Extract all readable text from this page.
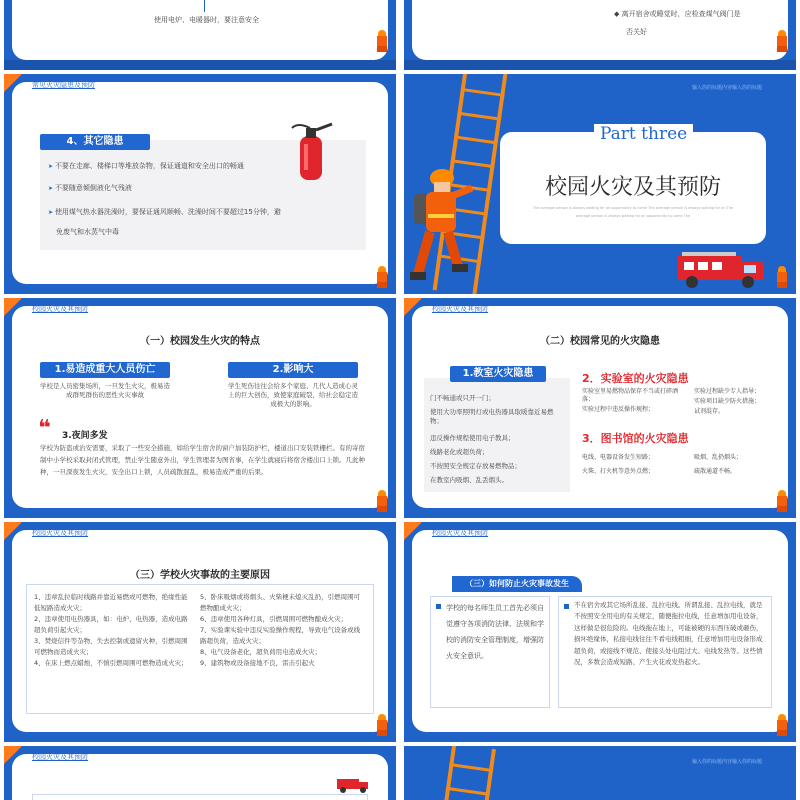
使用电炉、电暖器时，要注意安全
◆ 离开宿舍或睡觉时，应检查煤气阀门是
否关好
常见火灾隐患及预防
4、其它隐患
➤ 不要在走廊、楼梯口等堆放杂物，保证通道和安全出口的畅通
➤ 不要随意倾倒液化气残液
➤ 使用煤气热水器洗澡时，要保证通风顺畅、洗澡时间不要超过15分钟，避
免废气和水蒸气中毒
输入你的标题内容输入你的标题
Part three
校园火灾及其预防
The average person is always waiting for an opportunity to come The average person is always waiting for an The
average person is always waiting for an opportunity to come The
校园火灾及其预防
（一）校园发生火灾的特点
1.易造成重大人员伤亡
学校是人员密集场所，一旦发生火灾，极易造成群死群伤的恶性火灾事故
2.影响大
学生死伤往往会给多个家庭、几代人造成心灵上的巨大创伤，致使家庭破裂，给社会稳定造成极大的影响。
❝ 3.夜间多发
学校为防盗或治安需要，采取了一些安全措施，如给学生宿舍的窗户加装防护栏，楼道出口安装铁栅栏。有的寄宿制中小学校采取封闭式管理，禁止学生随意外出，学生管理者为图省事，在学生就寝后将宿舍楼出口上锁。几此种种，一旦深夜发生火灾，安全出口上锁，人员疏散混乱，极易造成严重的后果。
校园火灾及其预防
（二）校园常见的火灾隐患
1.教室火灾隐患
门不畅通或只开一门；
使用大功率照明灯或电热器具取暖靠近易燃物；
违反操作规程使用电子教具；
线路老化或超负荷；
不按照安全规定存放易燃物品；
在教室内吸烟、乱丢烟头。
2．实验室的火灾隐患
实验室里易燃物品保存不当或打碎洒落；
实验过程中违反操作规程；
实验过程缺少专人指导；
实验项目缺少防火措施；
试剂混存。
3．图书馆的火灾隐患
电线、电器设备发生短路；
火柴、打火机等意外点燃；
吸烟、乱扔烟头；
疏散通道不畅。
校园火灾及其预防
（三）学校火灾事故的主要原因
1、违章乱拉临时线路并靠近易燃或可燃物，绝缘性能低短路造成火灾；
2、违章使用电热器具，如：电炉、电热器，造成电路超负荷引起火灾；
3、焚烧信件等杂物，失去控制或遗留火种，引燃周围可燃物而造成火灾；
4、在床上燃点蜡烛，不慎引燃周围可燃物造成火灾；
5、卧床吸烟或将烟头、火柴梗未熄灭乱扔，引燃周围可燃物酿成火灾；
6、违章使用各种灯具，引燃周围可燃物酿成火灾；
7、实验课实验中违反实验操作规程，导致电气设备或线路超负荷，造成火灾；
8、电气设备老化，超负荷用电造成火灾；
9、建筑物或设备接地不良，雷击引起火
校园火灾及其预防
（三）如何防止火灾事故发生
学校的每名师生员工首先必须自觉遵守各项消防法律、法规和学校的消防安全管理制度，增强防火安全意识。
不在宿舍或其它场所乱接、乱拉电线。所谓乱接、乱拉电线，就是不按照安全用电的有关规定，随便拖拉电线，任意增加用电设备，这样做是很危险的。电线拖在地上，可能被硬的东西压破或砸伤，损坏绝缘体，私接电线往往不看电线粗细，任意增加用电设备形成超负荷，或接线不规范、使接头处电阻过大、电线发热等。这些情况，多数会造成短路、产生火花或发热起火。
校园火灾及其预防
输入你的标题内容输入你的标题
